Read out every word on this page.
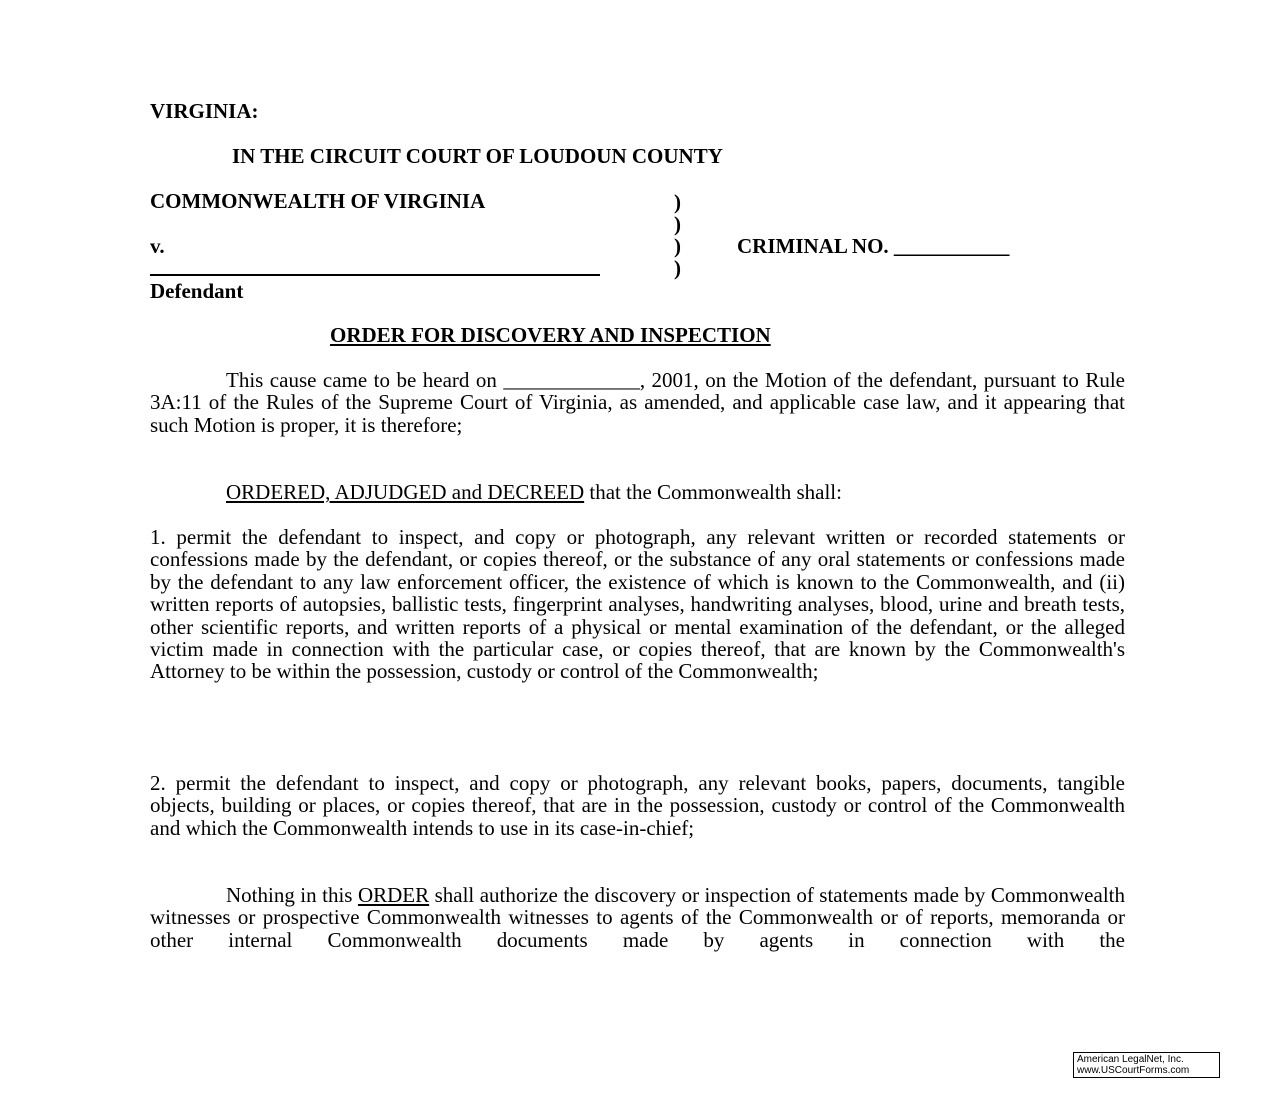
VIRGINIA:
IN THE CIRCUIT COURT OF LOUDOUN COUNTY
COMMONWEALTH OF VIRGINIA
v.
Defendant
)
)
)
)
CRIMINAL NO. ___________
ORDER FOR DISCOVERY AND INSPECTION
This cause came to be heard on _____________, 2001, on the Motion of the defendant, pursuant to Rule 3A:11 of the Rules of the Supreme Court of Virginia, as amended, and applicable case law, and it appearing that such Motion is proper, it is therefore;
ORDERED, ADJUDGED and DECREED that the Commonwealth shall:
1. permit the defendant to inspect, and copy or photograph, any relevant written or recorded statements or confessions made by the defendant, or copies thereof, or the substance of any oral statements or confessions made by the defendant to any law enforcement officer, the existence of which is known to the Commonwealth, and (ii) written reports of autopsies, ballistic tests, fingerprint analyses, handwriting analyses, blood, urine and breath tests, other scientific reports, and written reports of a physical or mental examination of the defendant, or the alleged victim made in connection with the particular case, or copies thereof, that are known by the Commonwealth's Attorney to be within the possession, custody or control of the Commonwealth;
2. permit the defendant to inspect, and copy or photograph, any relevant books, papers, documents, tangible objects, building or places, or copies thereof, that are in the possession, custody or control of the Commonwealth and which the Commonwealth intends to use in its case-in-chief;
Nothing in this ORDER shall authorize the discovery or inspection of statements made by Commonwealth witnesses or prospective Commonwealth witnesses to agents of the Commonwealth or of reports, memoranda or other internal Commonwealth documents made by agents in connection with the
American LegalNet, Inc.
www.USCourtForms.com
